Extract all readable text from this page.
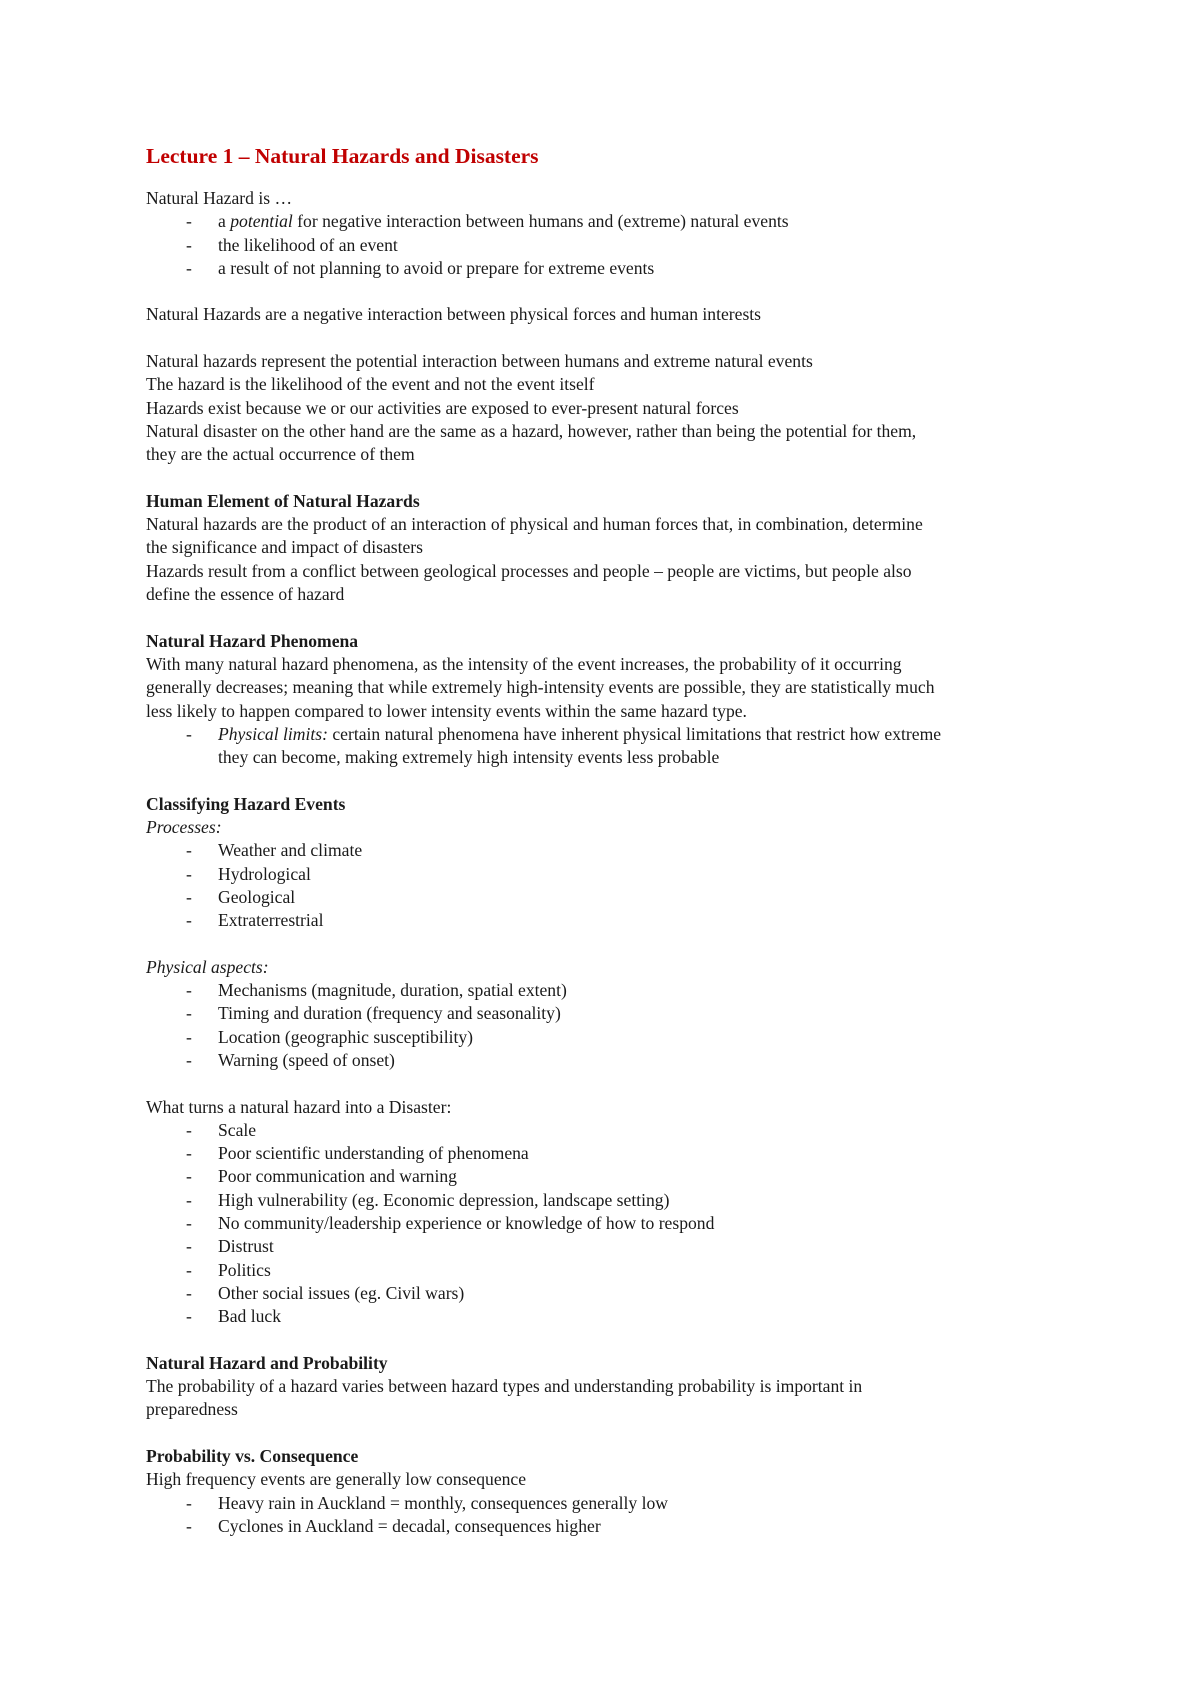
Lecture 1 – Natural Hazards and Disasters

Natural Hazard is …

- a potential for negative interaction between humans and (extreme) natural events
- the likelihood of an event
- a result of not planning to avoid or prepare for extreme events

Natural Hazards are a negative interaction between physical forces and human interests

Natural hazards represent the potential interaction between humans and extreme natural events

The hazard is the likelihood of the event and not the event itself

Hazards exist because we or our activities are exposed to ever-present natural forces

Natural disaster on the other hand are the same as a hazard, however, rather than being the potential for them,

they are the actual occurrence of them

Human Element of Natural Hazards

Natural hazards are the product of an interaction of physical and human forces that, in combination, determine

the significance and impact of disasters

Hazards result from a conflict between geological processes and people – people are victims, but people also

define the essence of hazard

Natural Hazard Phenomena

With many natural hazard phenomena, as the intensity of the event increases, the probability of it occurring

generally decreases; meaning that while extremely high-intensity events are possible, they are statistically much

less likely to happen compared to lower intensity events within the same hazard type.

- Physical limits: certain natural phenomena have inherent physical limitations that restrict how extreme
they can become, making extremely high intensity events less probable

Classifying Hazard Events

Processes:

- Weather and climate
- Hydrological
- Geological
- Extraterrestrial

Physical aspects:

- Mechanisms (magnitude, duration, spatial extent)
- Timing and duration (frequency and seasonality)
- Location (geographic susceptibility)
- Warning (speed of onset)

What turns a natural hazard into a Disaster:

- Scale
- Poor scientific understanding of phenomena
- Poor communication and warning
- High vulnerability (eg. Economic depression, landscape setting)
- No community/leadership experience or knowledge of how to respond
- Distrust
- Politics
- Other social issues (eg. Civil wars)
- Bad luck

Natural Hazard and Probability

The probability of a hazard varies between hazard types and understanding probability is important in

preparedness

Probability vs. Consequence

High frequency events are generally low consequence

- Heavy rain in Auckland = monthly, consequences generally low
- Cyclones in Auckland = decadal, consequences higher
